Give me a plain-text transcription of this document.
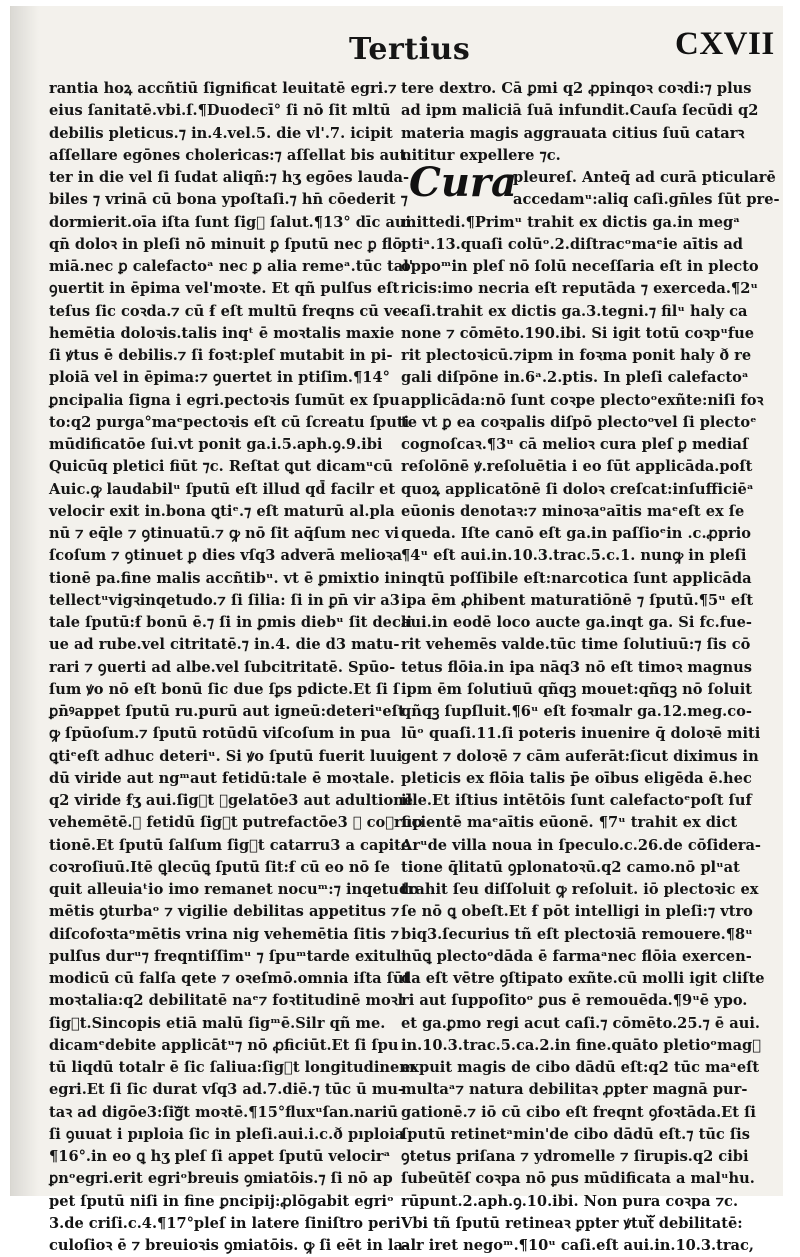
Tertius	CXVII
rantia hoꝝ accñtiū ſignificat leuitatē egri.⁊
eius ſanitatē.vbi.ſ.¶Duodecī° ſi nō ſit mltū
debilis pleticus.⁊ in.4.vel.5. die vl'.7. icipit
aſſellare egōnes cholericas:⁊ aſſellat bis aut
ter in die vel ſi ſudat aliqñ:⁊ hʒ egōes lauda-
biles ⁊ vrinā cū bona ypoſtaſi.⁊ hn̄ cōederit ⁊
dormierit.oīa iſta ſunt ſigᷓ ſalut.¶13° dīc aui.
qn̄ doloꝛ in pleſi nō minuit ꝑ ſputū nec ꝑ flō
miā.nec ꝑ calefactoᵃ nec ꝑ alia remeᵃ.tūc tal'
ꝯuertit in ēpima vel'moꝛte. Et qñ pulſus eſt
teſus ſic coꝛda.⁊ cū ẜ eſt multū freqns cū ve-
hemētia doloꝛis.talis inqᵗ ē moꝛtalis maxie
ſi ꝟtus ē debilis.⁊ ſi foꝛt:pleſ mutabit in pi-
ploiā vel in ēpima:⁊ ꝯuertet in ptiſim.¶14°
ꝑncipalia ſigna i egri.pectoꝛis ſumūt ex ſpu
to:q2 purga°maᵉpectoꝛis eſt cū ſcreatu ſputi
mūdificatōe ſui.vt ponit ga.i.5.aph.ꝯ.9.ibi
Quicūq pletici fiūt ⁊c. Reſtat ꝗut dicamᵘcū
Auic.ꝙ laudabilᵘ ſputū eſt illud qd̄ facilr et
velocir exit in.bona ꝗtiᵉ.⁊ eſt maturū al.pla
nū ⁊ eq̄le ⁊ ꝯtinuatū.⁊ ꝙ nō ſit aq̄ſum nec vi
ſcoſum ⁊ ꝯtinuet ꝑ dies vſq3 adverā melioꝛa
tionē pa.fine malis accñtibᵘ. vt ē ꝑmixtio in
tellectᵘvigꝛinqetudo.⁊ ſi ſilia: ſi in ꝑn̄ vir a3
tale ſputū:ẜ bonū ē.⁊ ſi in ꝑmis diebᵘ ſit decli
ue ad rube.vel citritatē.⁊ in.4. die d3 matu-
rari ⁊ ꝯuerti ad albe.vel ſubcitritatē. Spūo-
ſum ꝟo nō eſt bonū ſic due ſꝑs pdicte.Et ſi ſ
ꝑn̄ꝰappet ſputū ru.purū aut igneū:deteriᵘeſt
ꝙ ſpūoſum.⁊ ſputū rotūdū viſcoſum in pua
ꝗtiᵉeſt adhuc deteriᵘ. Si ꝟo ſputū fuerit luui
dū viride aut ngᵐaut fetidū:tale ē moꝛtale.
q2 viride ẜʒ aui.ſigᷓt ꝯgelatōe3 aut adultionē
vehemētē.⁊ fetidū ſigᷓt putrefactōe3 ⁊ coꝛrup
tionē.Et ſputū ſalſum ſigᷓt catarru3 a capite
coꝛroſiuū.Itē ꝗlecūꝗ ſputū ſit:ẜ cū eo nō ſe
quit alleuiaᵗio imo remanet nocuᵐ:⁊ inqetudo
mētis ꝯturbaᵒ ⁊ vigilie debilitas appetitus ⁊
diſcofoꝛtaᵒmētis vrina nig vehemētia ſitis ⁊
pulſus durᵘ⁊ freqntiſſimᵘ ⁊ ſpuᵐtarde exitul'
modicū cū falſa qete ⁊ oꝛeſmō.omnia iſta ſūt
moꝛtalia:q2 debilitatē naᵉ⁊ foꝛtitudinē moꝛl
ſigᷓt.Sincopis etiā malū ſigᵐē.Silr qñ me.
dicamᵉdebite applicātᵘ⁊ nō ꝓficiūt.Et ſi ſpu
tū liqdū totalr ē ſic ſaliua:ſigᷓt longitudinem
egri.Et ſi ſic durat vſq3 ad.7.diē.⁊ tūc ū mu-
taꝛ ad digōe3:ſigᷓt moꝛtē.¶15°fluxᵘſan.nariū
ſi ꝯuuat i pıploia ſic in pleſi.aui.i.c.ð pıploia
¶16°.in eo ꝗ hʒ pleſ ſi appet ſputū velocirᵃ
ꝑnᵒegri.erit egriᵒbreuis ꝯmiatōis.⁊ ſi nō ap
pet ſputū niſi in fine ꝑncipij:ꝓlōgabit egriᵒ
3.de criſi.c.4.¶17°pleſ in latere ſiniſtro peri
culoſioꝛ ē ⁊ breuioꝛis ꝯmiatōis. ꝙ ſi eēt in la-
tere dextro. Cā ꝑmi q2 ꝓpinqoꝛ coꝛdi:⁊ plus
ad ipm maliciā ſuā infundit.Cauſa ſecūdi q2
materia magis aggrauata citius ſuū catarꝛ
nititur expellere ⁊c.
pleureſ. Anteq̄ ad curā pticularē
accedamᵘ:aliq caſi.gn̄les ſūt pre-
mittedi.¶Primᵘ trahit ex dictis ga.in megᵃ
ptiᵃ.13.quaſi colūᵒ.2.diſtracᵒmaᵉie aītis ad
oppoᵐin pleſ nō ſolū neceſſaria eſt in plecto
ricis:imo necria eſt reputāda ⁊ exerceda.¶2ᵘ
caſi.trahit ex dictis ga.3.tegni.⁊ filᵘ haly ca
none ⁊ cōmēto.190.ibi. Si igit totū coꝛpᵘfue
rit plectoꝛicū.⁊ipm in foꝛma ponit haly ð re
gali diſpōne in.6ᵃ.2.ptis. In pleſi calefactoᵃ
applicāda:nō ſunt coꝛpe plectoᵒexñte:niſi foꝛ
te vt ꝑ ea coꝛpalis diſpō plectoᵒvel ſi plectoᵉ
cognoſcaꝛ.¶3ᵘ cā melioꝛ cura pleſ ꝑ mediaſ
reſolōnē ꝟ.reſoluētia i eo ſūt applicāda.poſt
quoꝝ applicatōnē ſi doloꝛ creſcat:inſufficiēᵃ
eūonis denotaꝛ:⁊ minoꝛaᵒaītis maᵉeſt ex ſe
queda. Iſte canō eſt ga.in paſſioᵉin .c.ꝓprio
¶4ᵘ eſt aui.in.10.3.trac.5.c.1. nunꝙ in pleſi
inqtū poſſibile eſt:narcotica ſunt applicāda
ipa ēm ꝓhibent maturatiōnē ⁊ ſputū.¶5ᵘ eſt
aui.in eodē loco aucte ga.inqt ga. Si fc.fue-
rit vehemēs valde.tūc time ſolutiuū:⁊ ſis cō
tetus flōia.in ipa nāq3 nō eſt timoꝛ magnus
ipm ēm ſolutiuū qñqꝫ mouet:qñqꝫ nō ſoluit
qñqꝫ ſupſluit.¶6ᵘ eſt foꝛmalr ga.12.meg.co-
lūᵒ quaſi.11.ſi poteris inuenire q̄ doloꝛē miti
gent ⁊ doloꝛē ⁊ cām auferāt:ſicut diximus in
pleticis ex flōia talis p̄e oībus eligēda ē.hec
ille.Et iſtius intētōis ſunt calefactoᵉpoſt ſuf
ficientē maᵉaītis eūonē. ¶7ᵘ trahit ex dict
Arᵘde villa noua in ſpeculo.c.26.de cōſidera-
tione q̄litatū ꝯplonatoꝛū.q2 camo.nō plᵘat
trahit ſeu diſſoluit ꝙ reſoluit. iō plectoꝛic ex
ſe nō ꝗ obeſt.Et ẜ pōt intelligi in pleſi:⁊ vtro
biq3.ſecurius tñ eſt plectoꝛiā remouere.¶8ᵘ
nūꝗ plectoᵒdāda ē farmaᵃnec flōia exercen-
da eſt vētre ꝯſtipato exñte.cū molli igit cliſte
ri aut ſuppoſitoᵒ ꝑus ē remouēda.¶9ᵘē ypo.
et ga.ꝑmo regi acut caſi.⁊ cōmēto.25.⁊ ē aui.
in.10.3.trac.5.ca.2.in fine.quāto pletioᵒmagᷓ
expuit magis de cibo dādū eſt:q2 tūc maᵃeſt
multaᵃ⁊ natura debilitaꝛ ꝓpter magnā pur-
gationē.⁊ iō cū cibo eſt freqnt ꝯfoꝛtāda.Et ſi
ſputū retinetᵃmin'de cibo dādū eſt.⁊ tūc ſis
ꝯtetus priſana ⁊ ydromelle ⁊ ſirupis.q2 cibi
ſubeūtēſ coꝛpa nō ꝑus mūdificata a malᵘhu.
rūpunt.2.aph.ꝯ.10.ibi. Non pura coꝛpa ⁊c.
Vbi tñ ſputū retineaꝛ ꝑpter ꝟtutᷓ debilitatē:
alr iret negoᵐ.¶10ᵘ caſi.eſt aui.in.10.3.trac,
Cura
